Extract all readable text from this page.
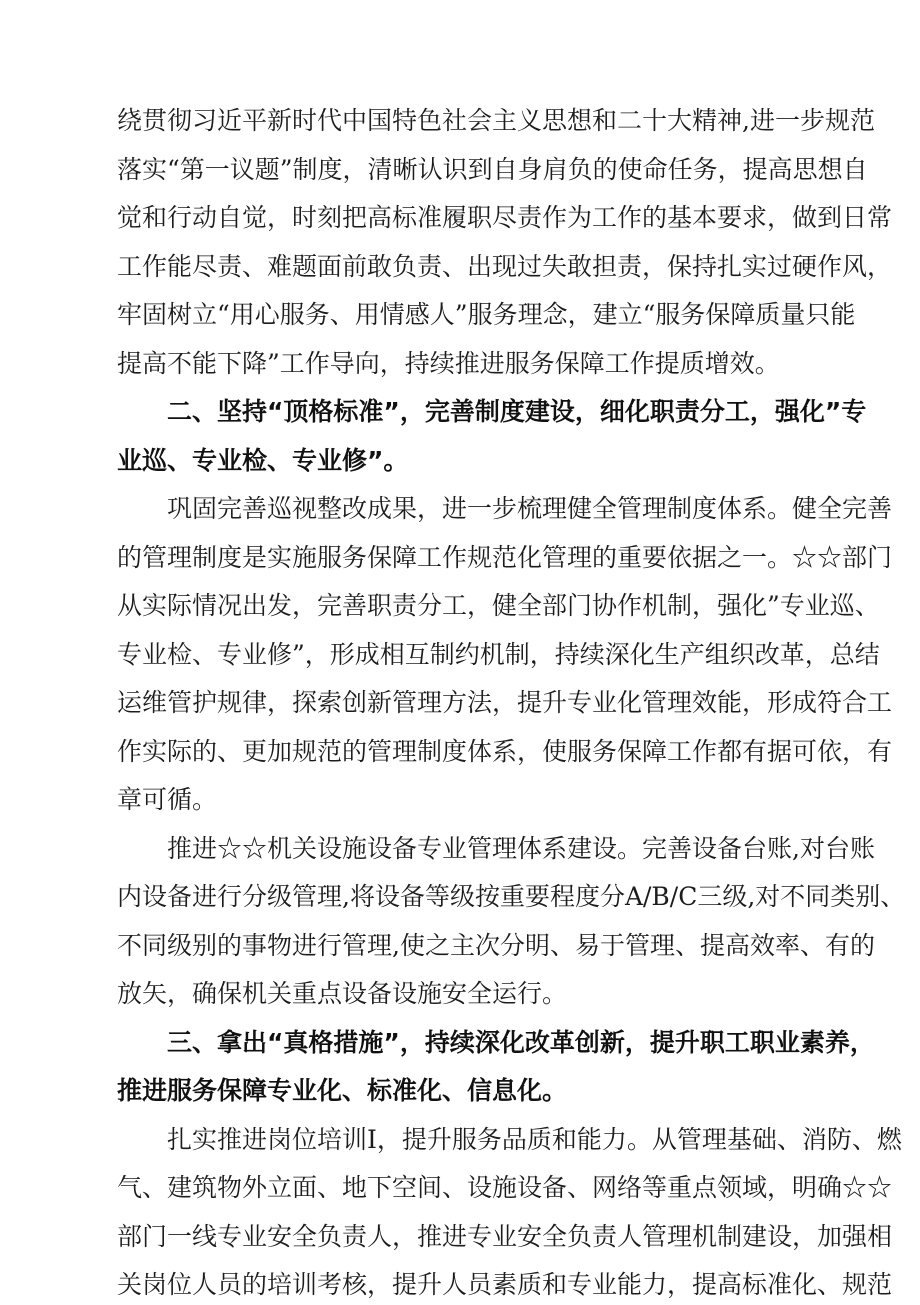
绕贯彻习近平新时代中国特色社会主义思想和二十大精神,进一步规范

落实“第一议题”制度，清晰认识到自身肩负的使命任务，提高思想自

觉和行动自觉，时刻把高标准履职尽责作为工作的基本要求，做到日常

工作能尽责、难题面前敢负责、出现过失敢担责，保持扎实过硬作风，

牢固树立“用心服务、用情感人”服务理念，建立“服务保障质量只能

提高不能下降”工作导向，持续推进服务保障工作提质增效。

二、坚持“顶格标准”，完善制度建设，细化职责分工，强化”专

业巡、专业检、专业修”。

巩固完善巡视整改成果，进一步梳理健全管理制度体系。健全完善

的管理制度是实施服务保障工作规范化管理的重要依据之一。☆☆部门

从实际情况出发，完善职责分工，健全部门协作机制，强化”专业巡、

专业检、专业修”，形成相互制约机制，持续深化生产组织改革，总结

运维管护规律，探索创新管理方法，提升专业化管理效能，形成符合工

作实际的、更加规范的管理制度体系，使服务保障工作都有据可依，有

章可循。

推进☆☆机关设施设备专业管理体系建设。完善设备台账,对台账

内设备进行分级管理,将设备等级按重要程度分A/B/C三级,对不同类别、

不同级别的事物进行管理,使之主次分明、易于管理、提高效率、有的

放矢，确保机关重点设备设施安全运行。

三、拿出“真格措施”，持续深化改革创新，提升职工职业素养，

推进服务保障专业化、标准化、信息化。

扎实推进岗位培训I，提升服务品质和能力。从管理基础、消防、燃

气、建筑物外立面、地下空间、设施设备、网络等重点领域，明确☆☆

部门一线专业安全负责人，推进专业安全负责人管理机制建设，加强相

关岗位人员的培训考核，提升人员素质和专业能力，提高标准化、规范
